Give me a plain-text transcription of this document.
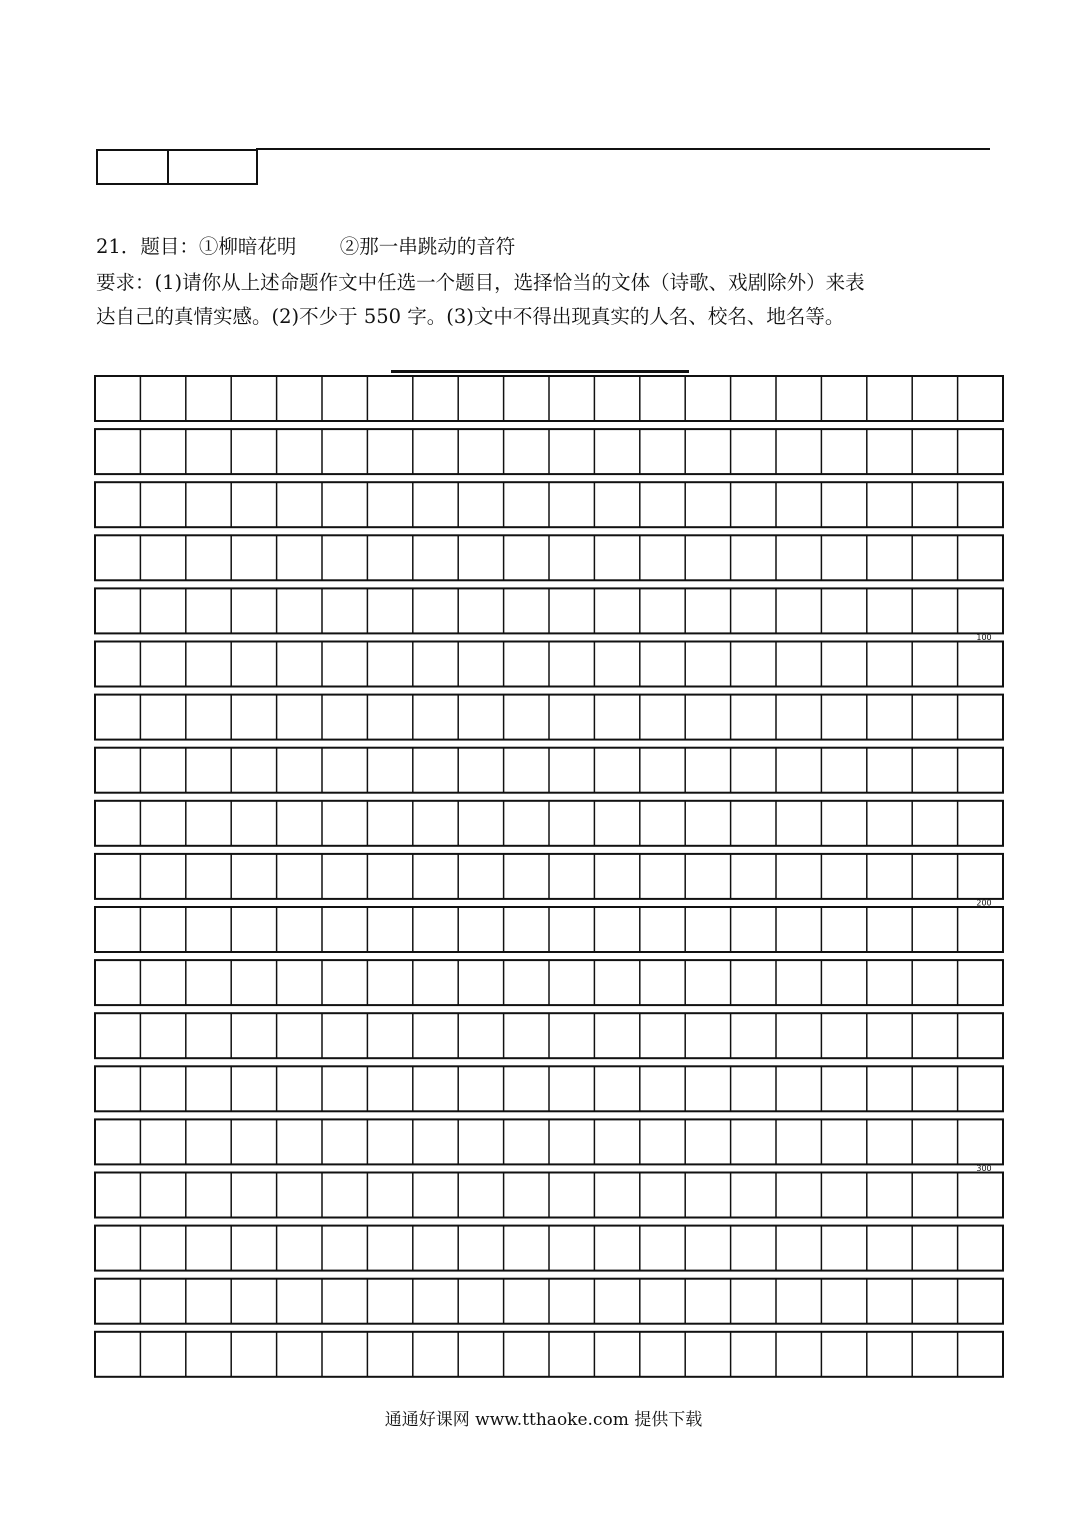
21．题目：①柳暗花明       ②那一串跳动的音符
要求：(1)请你从上述命题作文中任选一个题目，选择恰当的文体（诗歌、戏剧除外）来表
达自己的真情实感。(2)不少于 550 字。(3)文中不得出现真实的人名、校名、地名等。
100
200
300
通通好课网 www.tthaoke.com 提供下载
